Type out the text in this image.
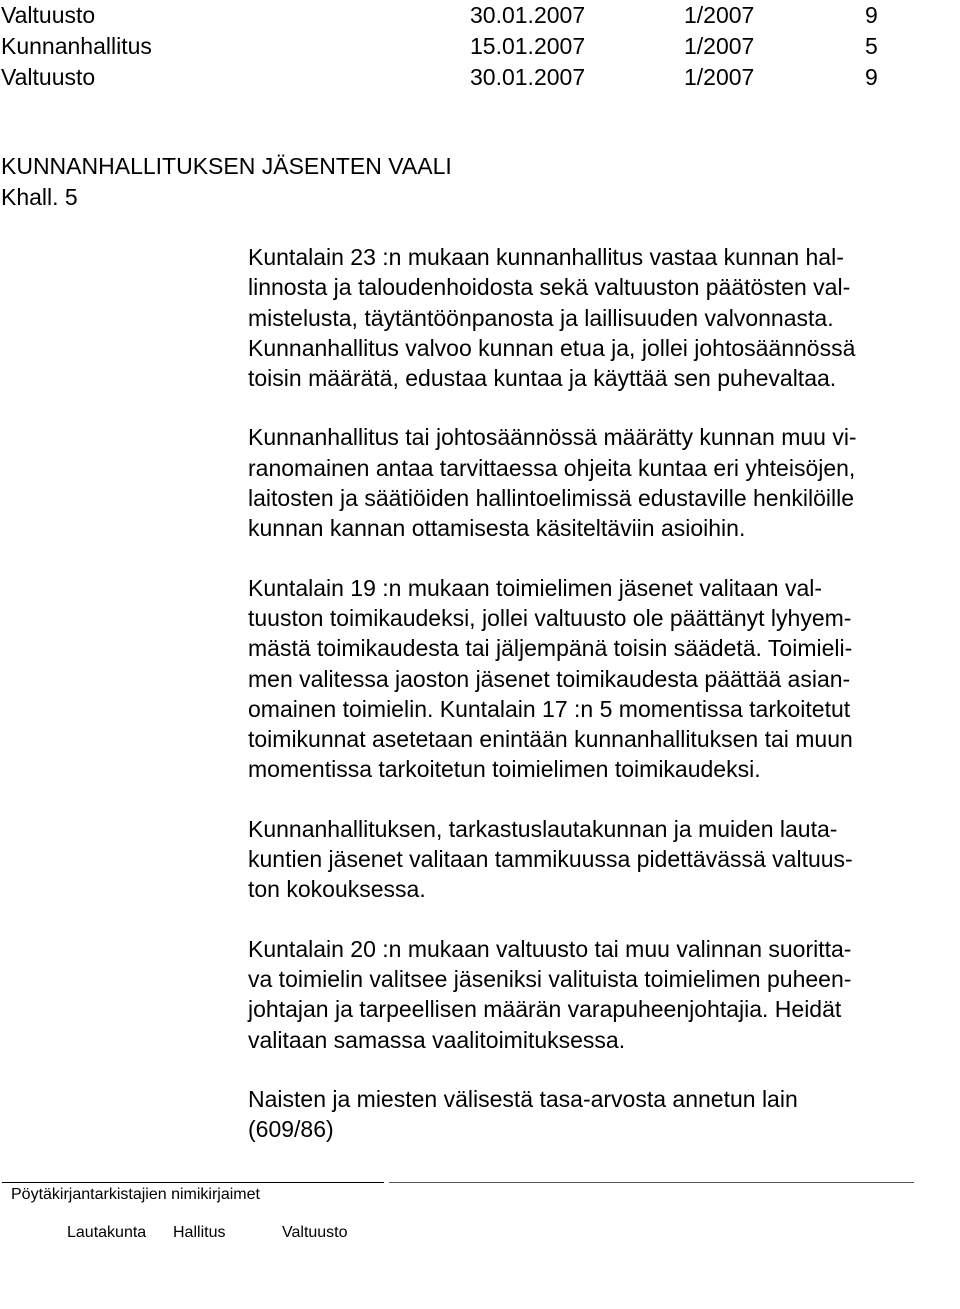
Valtuusto	30.01.2007	1/2007	9
Kunnanhallitus	15.01.2007	1/2007	5
Valtuusto	30.01.2007	1/2007	9
KUNNANHALLITUKSEN JÄSENTEN VAALI
Khall. 5

Kuntalain 23 :n mukaan kunnanhallitus vastaa kunnan hal-
linnosta ja taloudenhoidosta sekä valtuuston päätösten val-
mistelusta, täytäntöönpanosta ja laillisuuden valvonnasta.
Kunnanhallitus valvoo kunnan etua ja, jollei johtosäännössä
toisin määrätä, edustaa kuntaa ja käyttää sen puhevaltaa.

Kunnanhallitus tai johtosäännössä määrätty kunnan muu vi-
ranomainen antaa tarvittaessa ohjeita kuntaa eri yhteisöjen,
laitosten ja säätiöiden hallintoelimissä edustaville henkilöille
kunnan kannan ottamisesta käsiteltäviin asioihin.

Kuntalain 19 :n mukaan toimielimen jäsenet valitaan val-
tuuston toimikaudeksi, jollei valtuusto ole päättänyt lyhyem-
mästä toimikaudesta tai jäljempänä toisin säädetä. Toimieli-
men valitessa jaoston jäsenet toimikaudesta päättää asian-
omainen toimielin. Kuntalain 17 :n 5 momentissa tarkoitetut
toimikunnat asetetaan enintään kunnanhallituksen tai muun
momentissa tarkoitetun toimielimen toimikaudeksi.

Kunnanhallituksen, tarkastuslautakunnan ja muiden lauta-
kuntien jäsenet valitaan tammikuussa pidettävässä valtuus-
ton kokouksessa.

Kuntalain 20 :n mukaan valtuusto tai muu valinnan suoritta-
va toimielin valitsee jäseniksi valituista toimielimen puheen-
johtajan ja tarpeellisen määrän varapuheenjohtajia. Heidät
valitaan samassa vaalitoimituksessa.

Naisten ja miesten välisestä tasa-arvosta annetun lain
(609/86)

Pöytäkirjantarkistajien nimikirjaimet
Lautakunta Hallitus	Valtuusto
